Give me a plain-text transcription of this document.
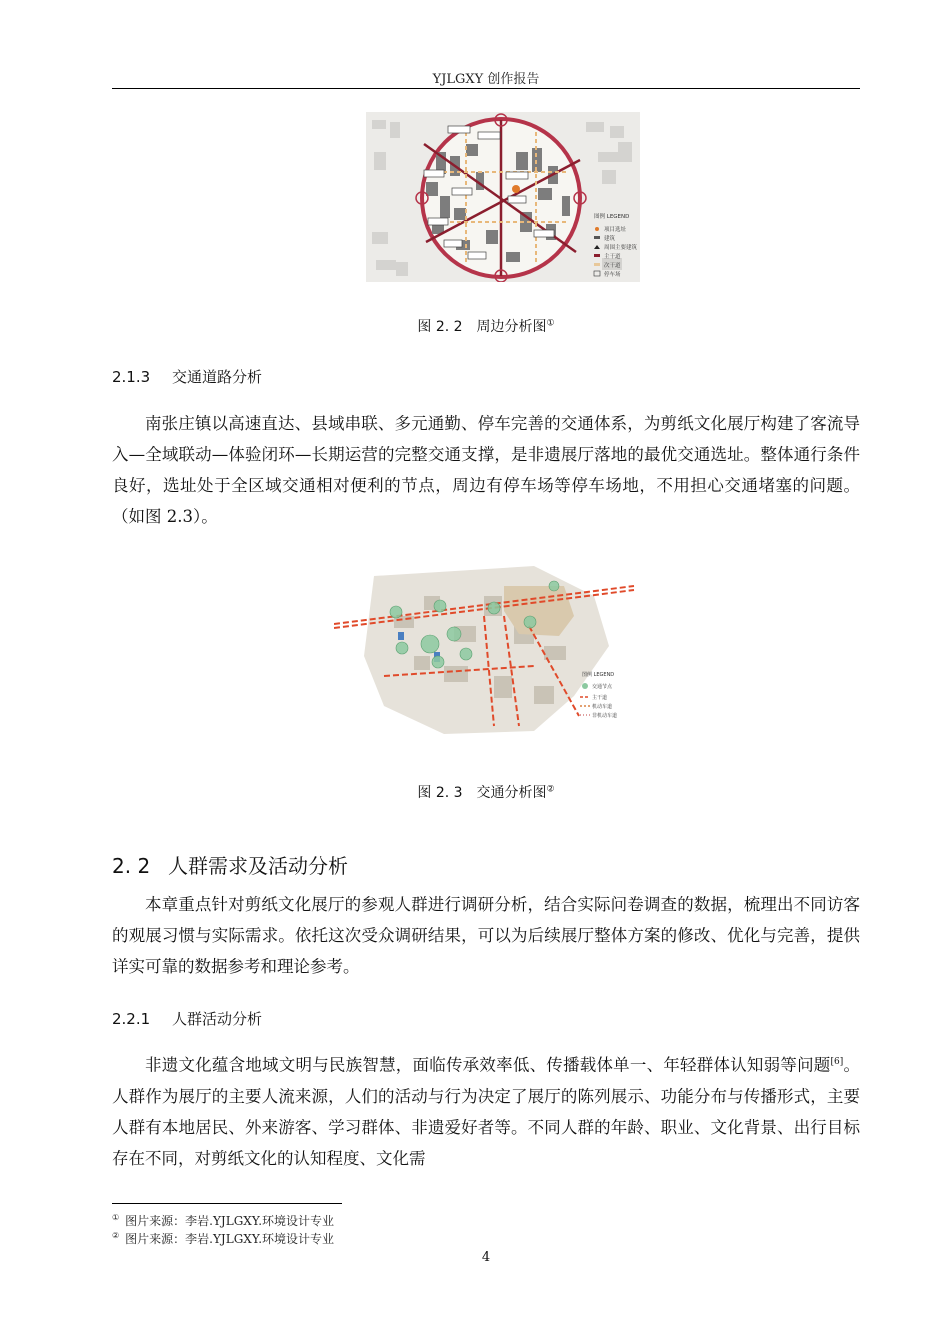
YJLGXY 创作报告
图例 LEGEND
项目选址
建筑
周围主要建筑
主干道
次干道
停车场
图 2. 2　周边分析图①
2.1.3 交通道路分析
南张庄镇以高速直达、县域串联、多元通勤、停车完善的交通体系，为剪纸文化展厅构建了客流导入—全域联动—体验闭环—长期运营的完整交通支撑，是非遗展厅落地的最优交通选址。整体通行条件良好，选址处于全区域交通相对便利的节点，周边有停车场等停车场地，不用担心交通堵塞的问题。（如图 2.3）。
图例 LEGEND
交通节点
主干道
机动车道
非机动车道
图 2. 3　交通分析图②
2. 2 人群需求及活动分析
本章重点针对剪纸文化展厅的参观人群进行调研分析，结合实际问卷调查的数据，梳理出不同访客的观展习惯与实际需求。依托这次受众调研结果，可以为后续展厅整体方案的修改、优化与完善，提供详实可靠的数据参考和理论参考。
2.2.1 人群活动分析
非遗文化蕴含地域文明与民族智慧，面临传承效率低、传播载体单一、年轻群体认知弱等问题[6]。人群作为展厅的主要人流来源，人们的活动与行为决定了展厅的陈列展示、功能分布与传播形式，主要人群有本地居民、外来游客、学习群体、非遗爱好者等。不同人群的年龄、职业、文化背景、出行目标存在不同，对剪纸文化的认知程度、文化需
① 图片来源：李岩.YJLGXY.环境设计专业
② 图片来源：李岩.YJLGXY.环境设计专业
4
